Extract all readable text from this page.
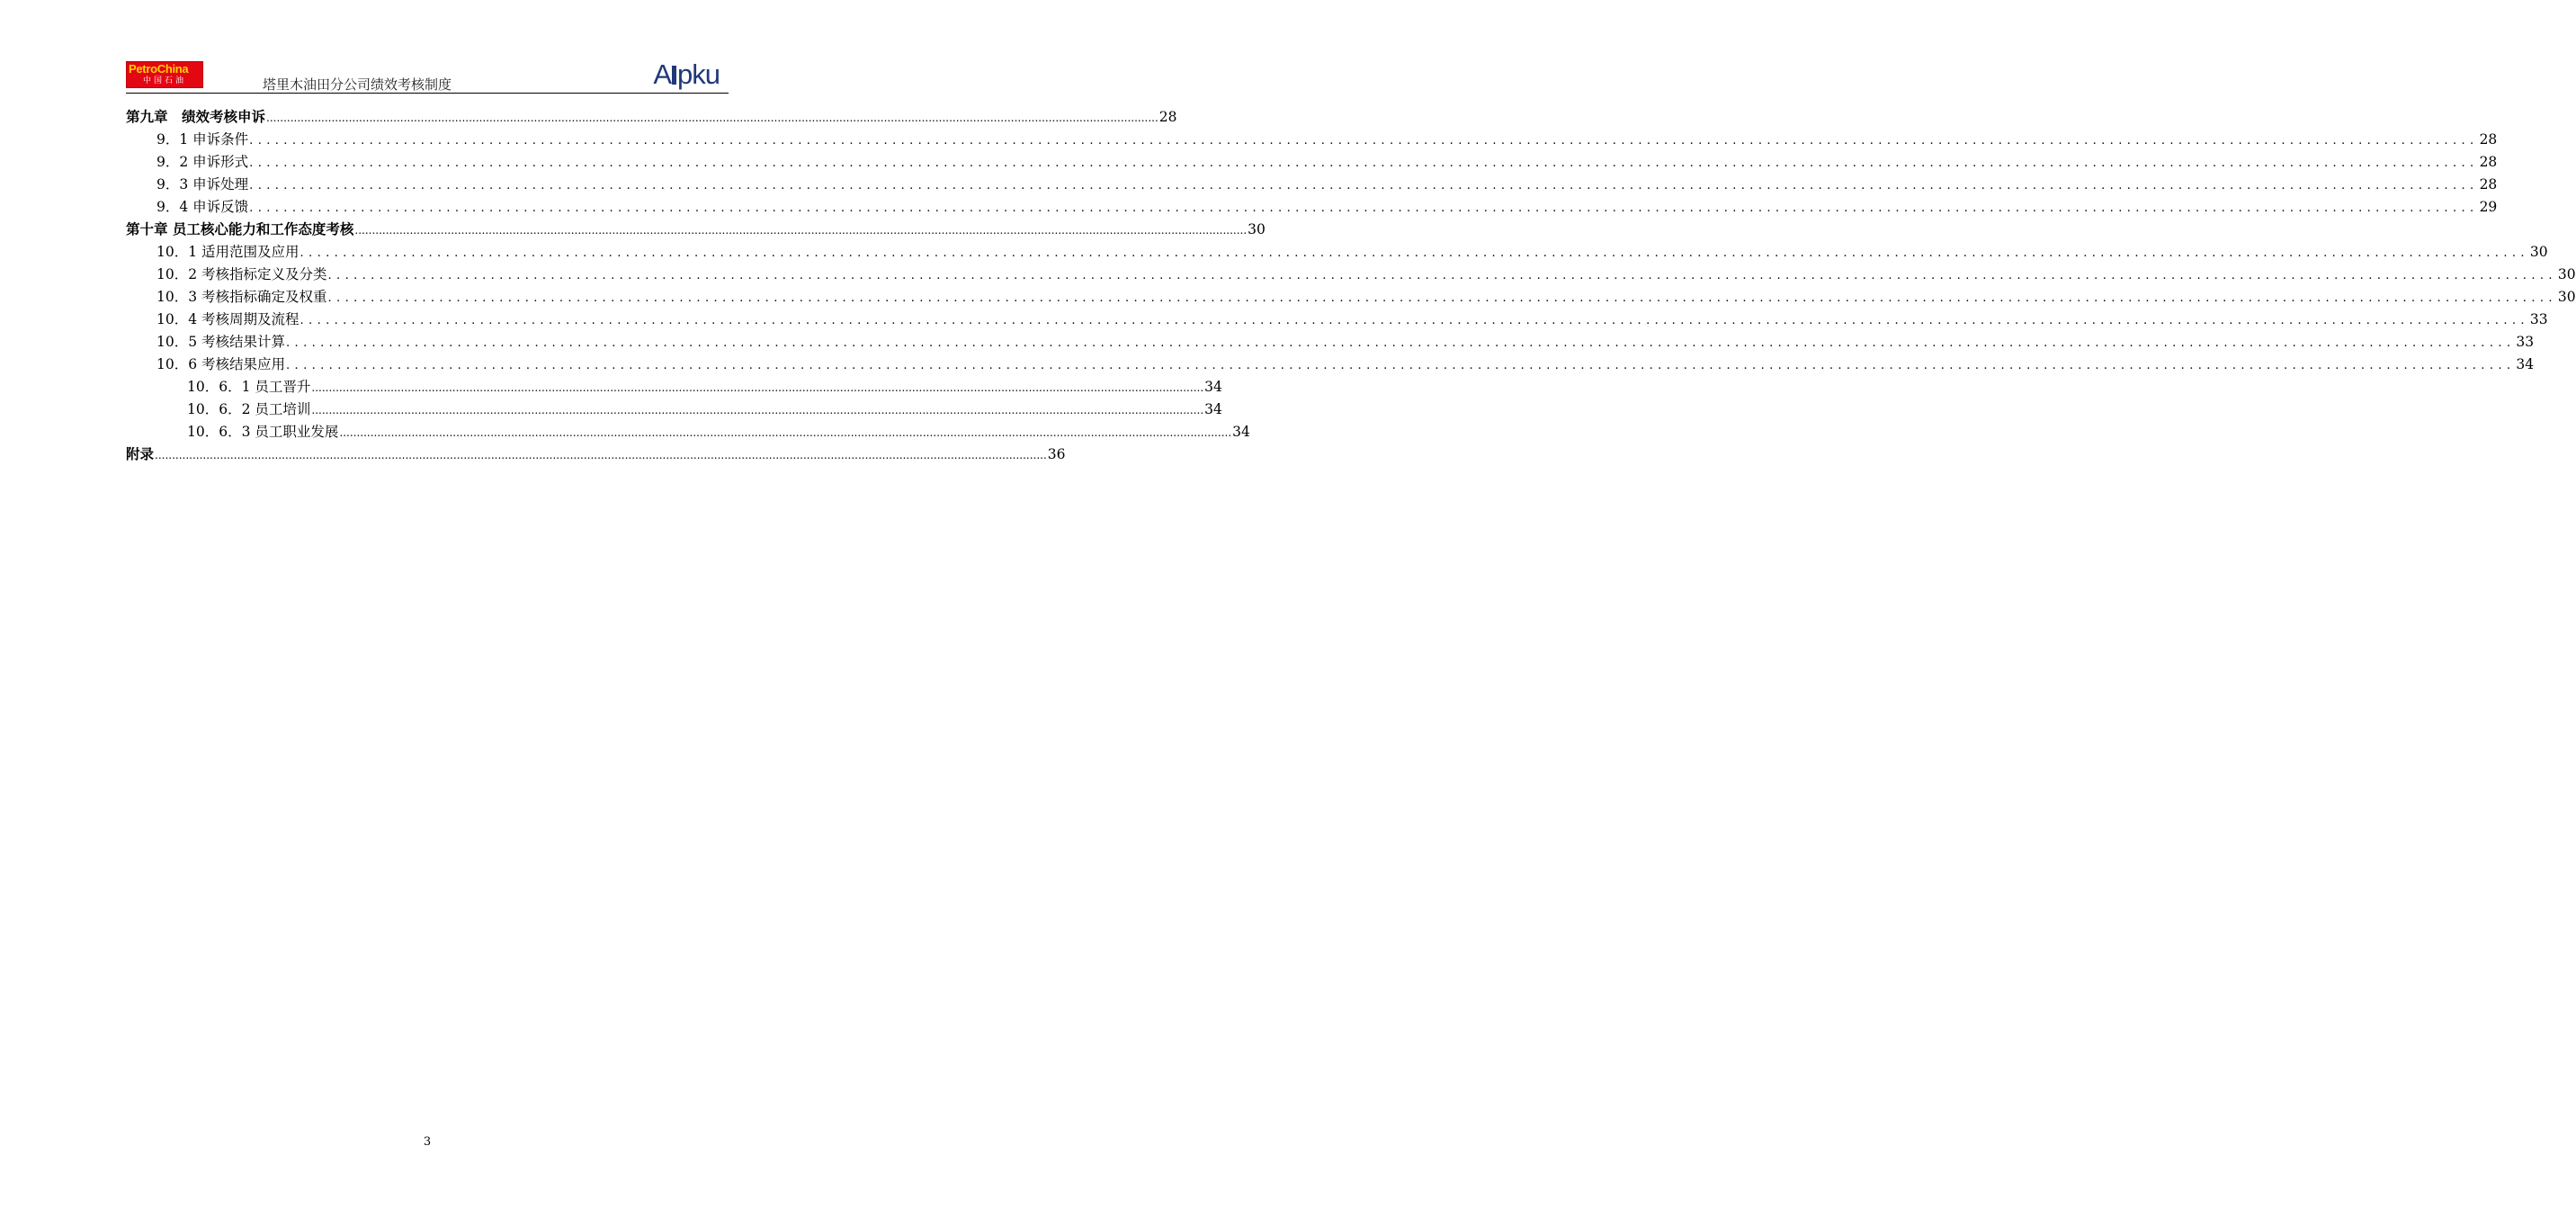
PetroChina
中国石油	塔里木油田分公司绩效考核制度	A pku
第九章　绩效考核申诉 .................................................................................................................................................................................................................................................................... 28
9．1 申诉条件 .................................................................................................................................................................................................................................................................... 28
9．2 申诉形式 .................................................................................................................................................................................................................................................................... 28
9．3 申诉处理 .................................................................................................................................................................................................................................................................... 28
9．4 申诉反馈 .................................................................................................................................................................................................................................................................... 29
第十章 员工核心能力和工作态度考核 .................................................................................................................................................................................................................................................................... 30
10．1 适用范围及应用 .................................................................................................................................................................................................................................................................... 30
10．2 考核指标定义及分类 .................................................................................................................................................................................................................................................................... 30
10．3 考核指标确定及权重 .................................................................................................................................................................................................................................................................... 30
10．4 考核周期及流程 .................................................................................................................................................................................................................................................................... 33
10．5 考核结果计算 .................................................................................................................................................................................................................................................................... 33
10．6 考核结果应用 .................................................................................................................................................................................................................................................................... 34
10．6．1 员工晋升 .................................................................................................................................................................................................................................................................... 34
10．6．2 员工培训 .................................................................................................................................................................................................................................................................... 34
10．6．3 员工职业发展 .................................................................................................................................................................................................................................................................... 34
附录 .................................................................................................................................................................................................................................................................... 36
3
